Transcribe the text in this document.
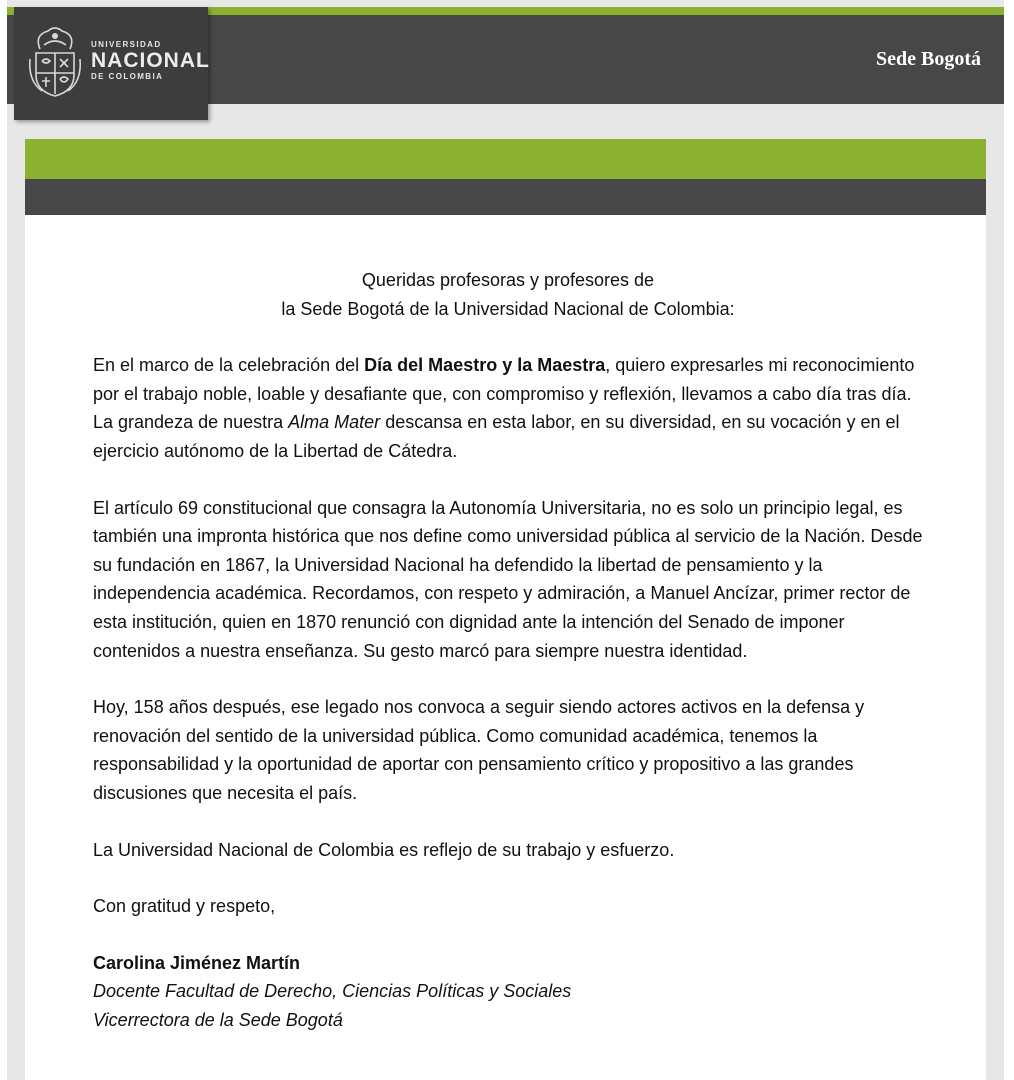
UNIVERSIDAD
NACIONAL
DE COLOMBIA
Sede Bogotá
Queridas profesoras y profesores de
la Sede Bogotá de la Universidad Nacional de Colombia:

En el marco de la celebración del Día del Maestro y la Maestra, quiero expresarles mi reconocimiento por el trabajo noble, loable y desafiante que, con compromiso y reflexión, llevamos a cabo día tras día. La grandeza de nuestra Alma Mater descansa en esta labor, en su diversidad, en su vocación y en el ejercicio autónomo de la Libertad de Cátedra.

El artículo 69 constitucional que consagra la Autonomía Universitaria, no es solo un principio legal, es también una impronta histórica que nos define como universidad pública al servicio de la Nación. Desde su fundación en 1867, la Universidad Nacional ha defendido la libertad de pensamiento y la independencia académica. Recordamos, con respeto y admiración, a Manuel Ancízar, primer rector de esta institución, quien en 1870 renunció con dignidad ante la intención del Senado de imponer contenidos a nuestra enseñanza. Su gesto marcó para siempre nuestra identidad.

Hoy, 158 años después, ese legado nos convoca a seguir siendo actores activos en la defensa y renovación del sentido de la universidad pública. Como comunidad académica, tenemos la responsabilidad y la oportunidad de aportar con pensamiento crítico y propositivo a las grandes discusiones que necesita el país.

La Universidad Nacional de Colombia es reflejo de su trabajo y esfuerzo.

Con gratitud y respeto,

Carolina Jiménez Martín
Docente Facultad de Derecho, Ciencias Políticas y Sociales
Vicerrectora de la Sede Bogotá
